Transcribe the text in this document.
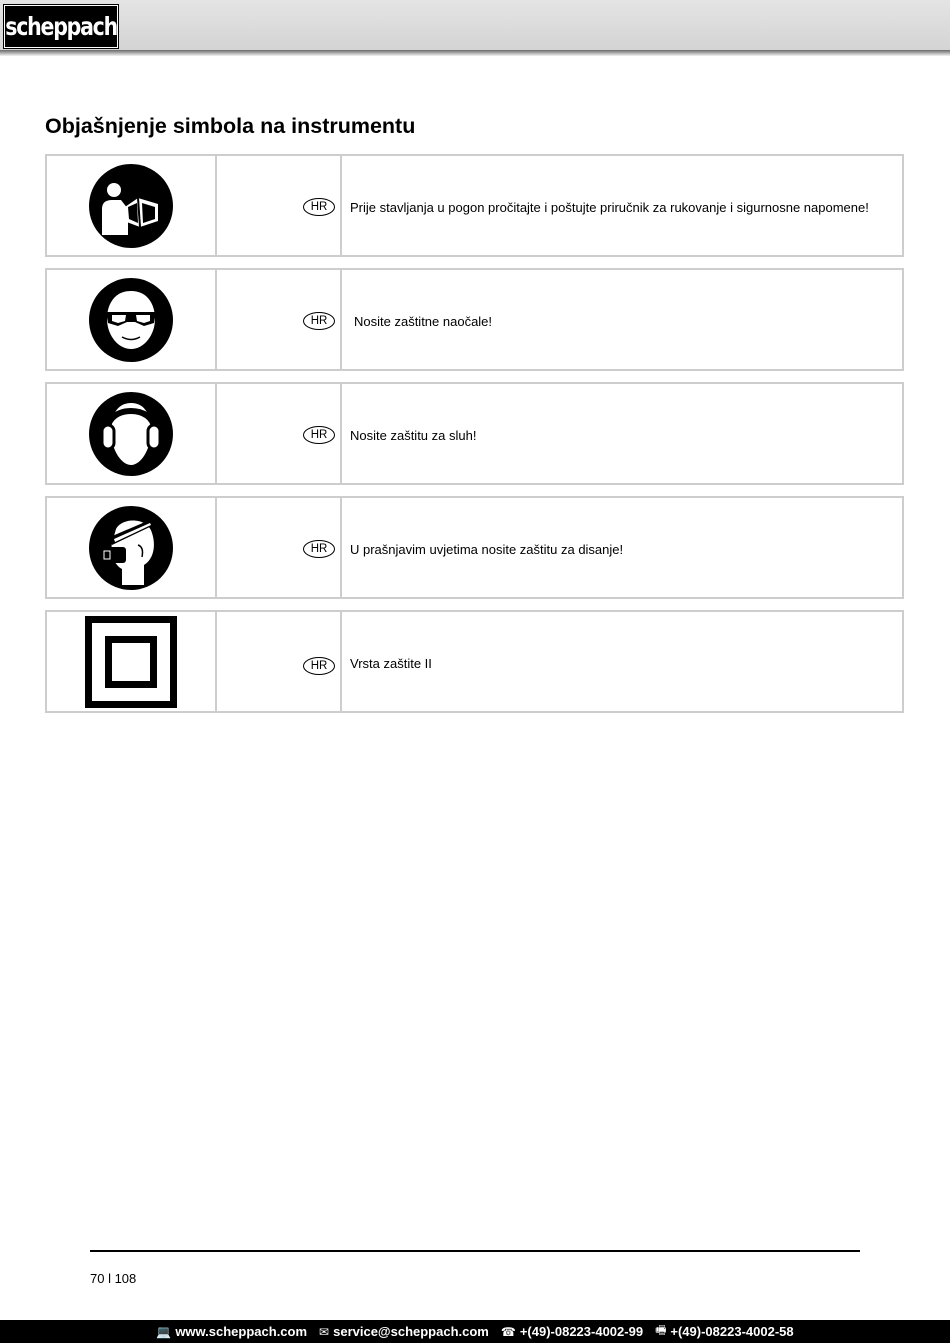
scheppach
Objašnjenje simbola na instrumentu
HR	Prije stavljanja u pogon pročitajte i poštujte priručnik za rukovanje i sigurnosne napomene!
HR	Nosite zaštitne naočale!
HR	Nosite zaštitu za sluh!
HR	U prašnjavim uvjetima nosite zaštitu za disanje!
HR	Vrsta zaštite II
70 l 108
💻 www.scheppach.com ✉ service@scheppach.com ☎ +(49)-08223-4002-99 🖷 +(49)-08223-4002-58
